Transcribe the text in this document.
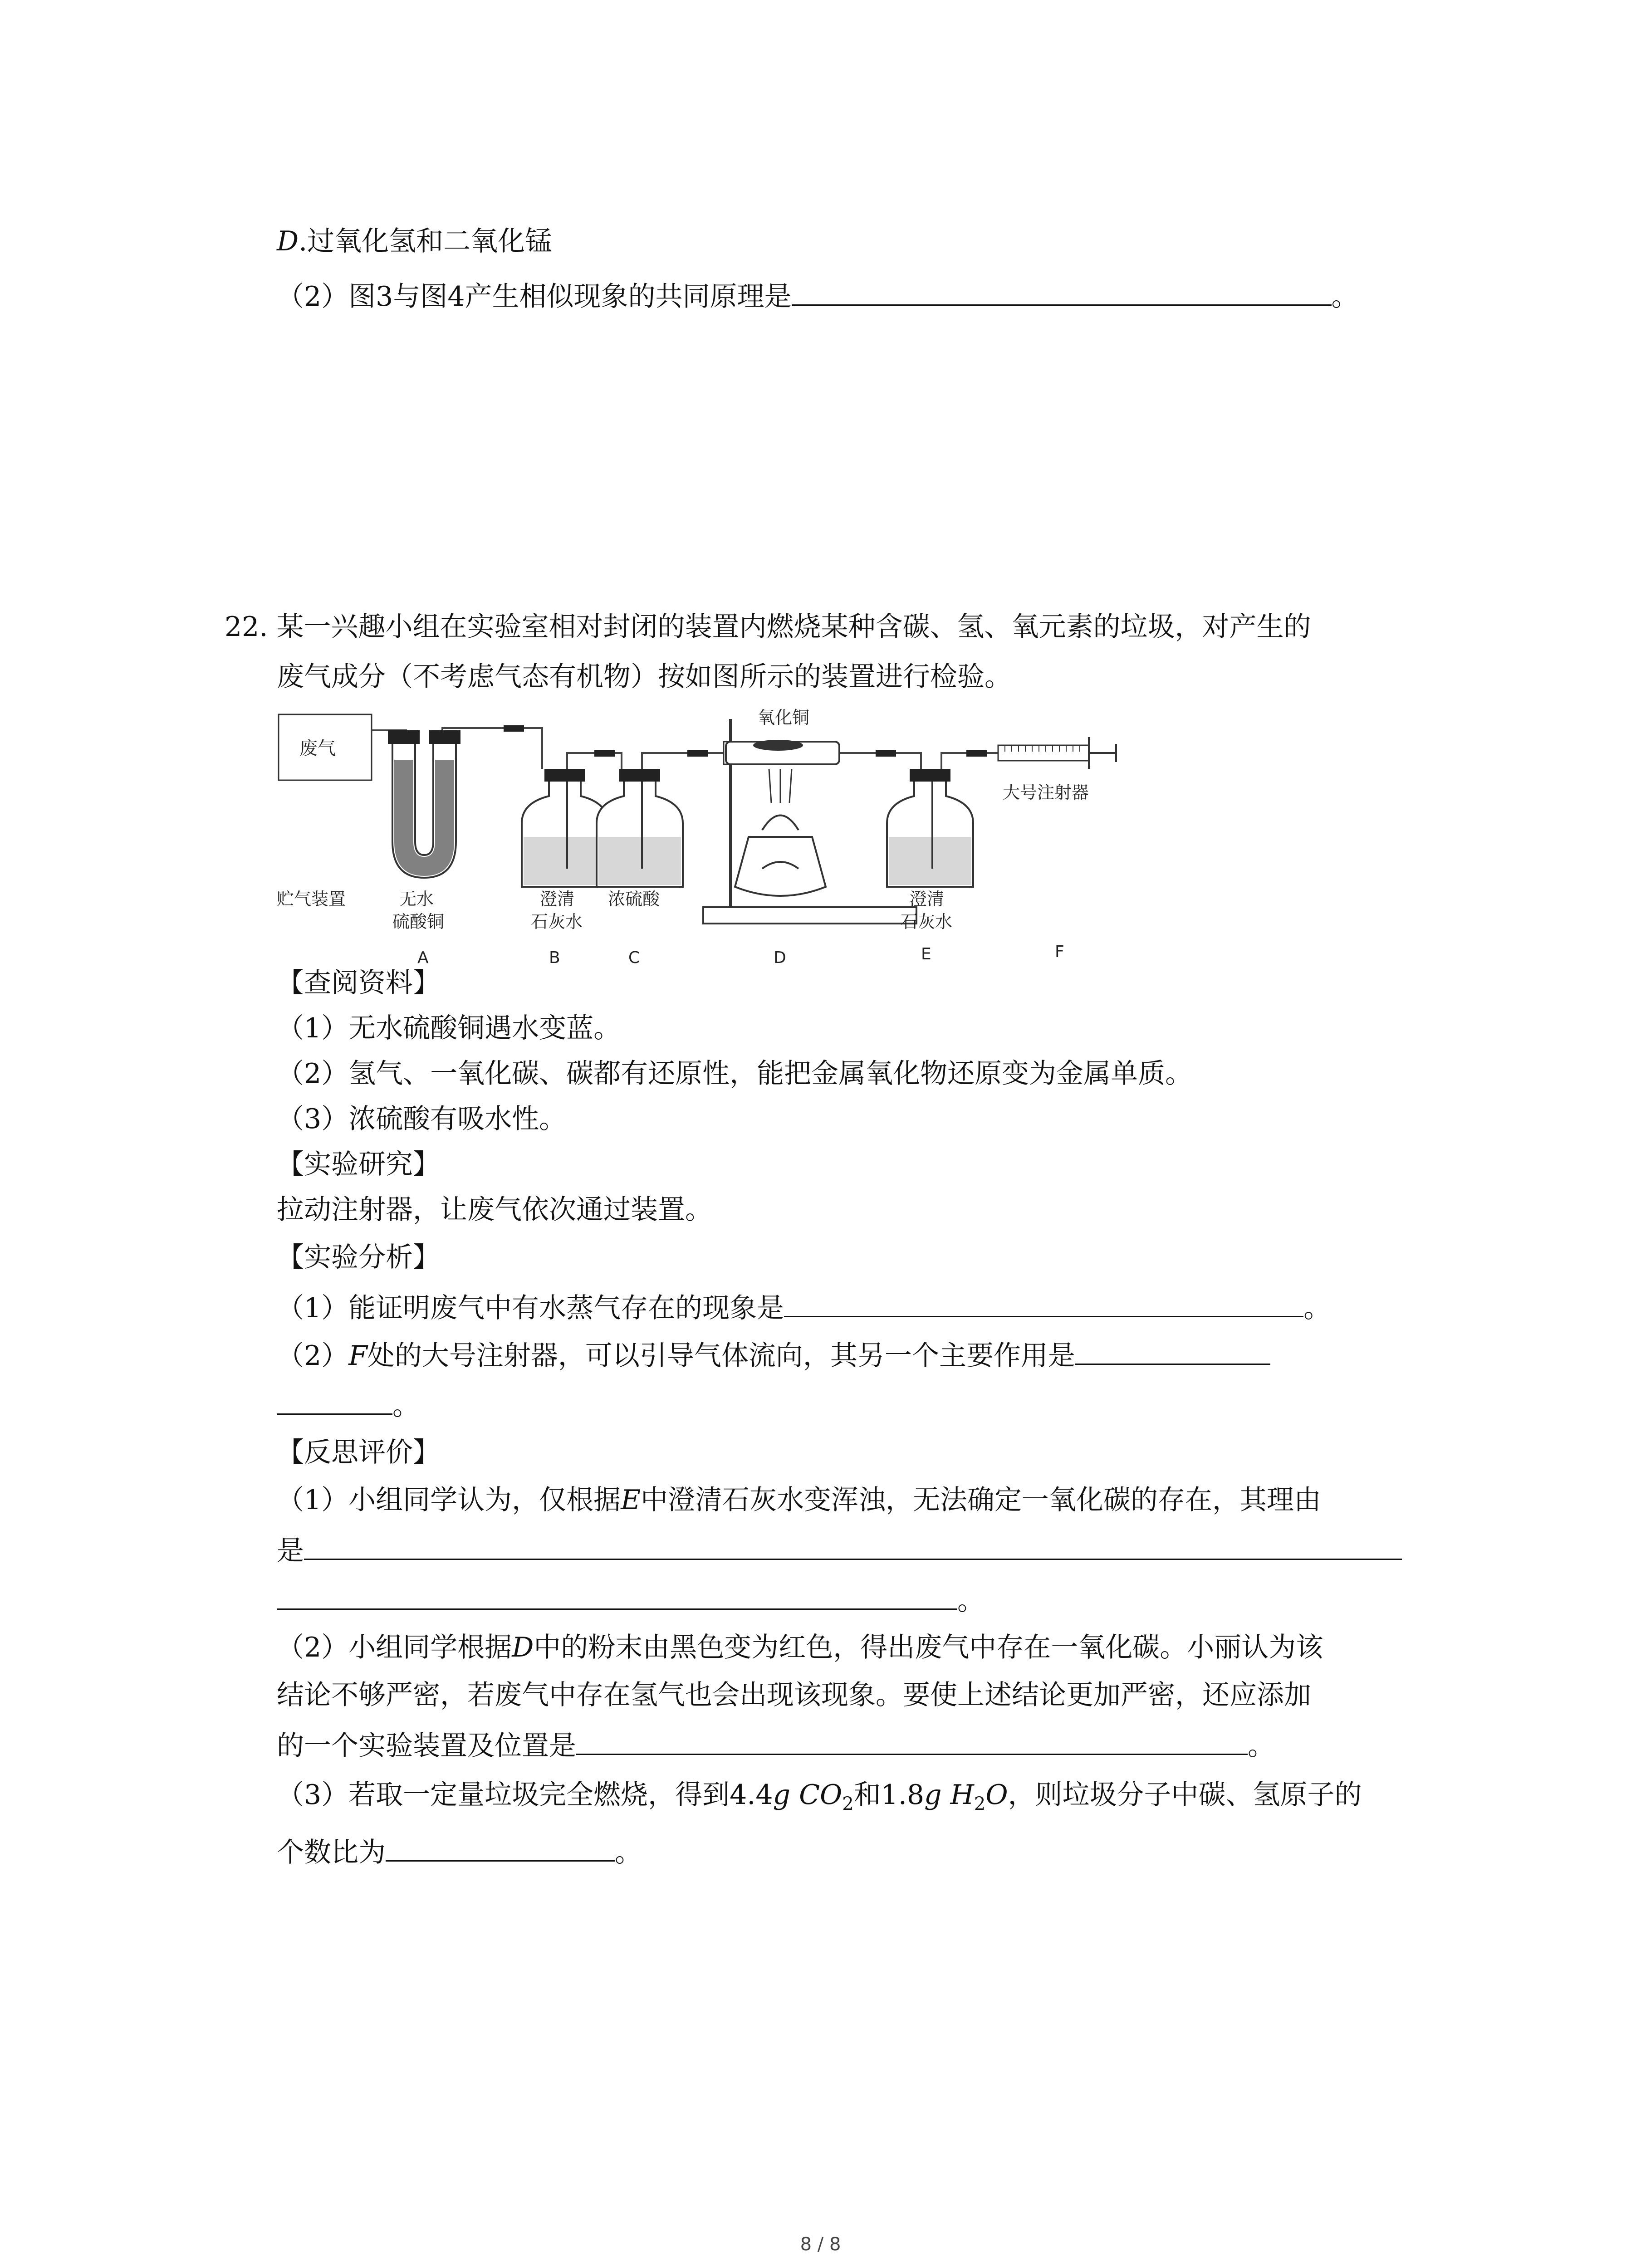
D.过氧化氢和二氧化锰
（2）图3与图4产生相似现象的共同原理是	。
22. 某一兴趣小组在实验室相对封闭的装置内燃烧某种含碳、氢、氧元素的垃圾，对产生的
废气成分（不考虑气态有机物）按如图所示的装置进行检验。
废气
氧化铜
大号注射器
贮气装置	无水
硫酸铜
澄清
石灰水
浓硫酸	澄清
石灰水
A	B	C	D	E	F
【查阅资料】
（1）无水硫酸铜遇水变蓝。
（2）氢气、一氧化碳、碳都有还原性，能把金属氧化物还原变为金属单质。
（3）浓硫酸有吸水性。
【实验研究】
拉动注射器，让废气依次通过装置。
【实验分析】
（1）能证明废气中有水蒸气存在的现象是	。
（2）F处的大号注射器，可以引导气体流向，其另一个主要作用是
。
【反思评价】
（1）小组同学认为，仅根据E中澄清石灰水变浑浊，无法确定一氧化碳的存在，其理由
是
。
（2）小组同学根据D中的粉末由黑色变为红色，得出废气中存在一氧化碳。小丽认为该
结论不够严密，若废气中存在氢气也会出现该现象。要使上述结论更加严密，还应添加
的一个实验装置及位置是	。
（3）若取一定量垃圾完全燃烧，得到4.4g $CO_2$和1.8g $H_2O$，则垃圾分子中碳、氢原子的
个数比为	。
8 / 8
